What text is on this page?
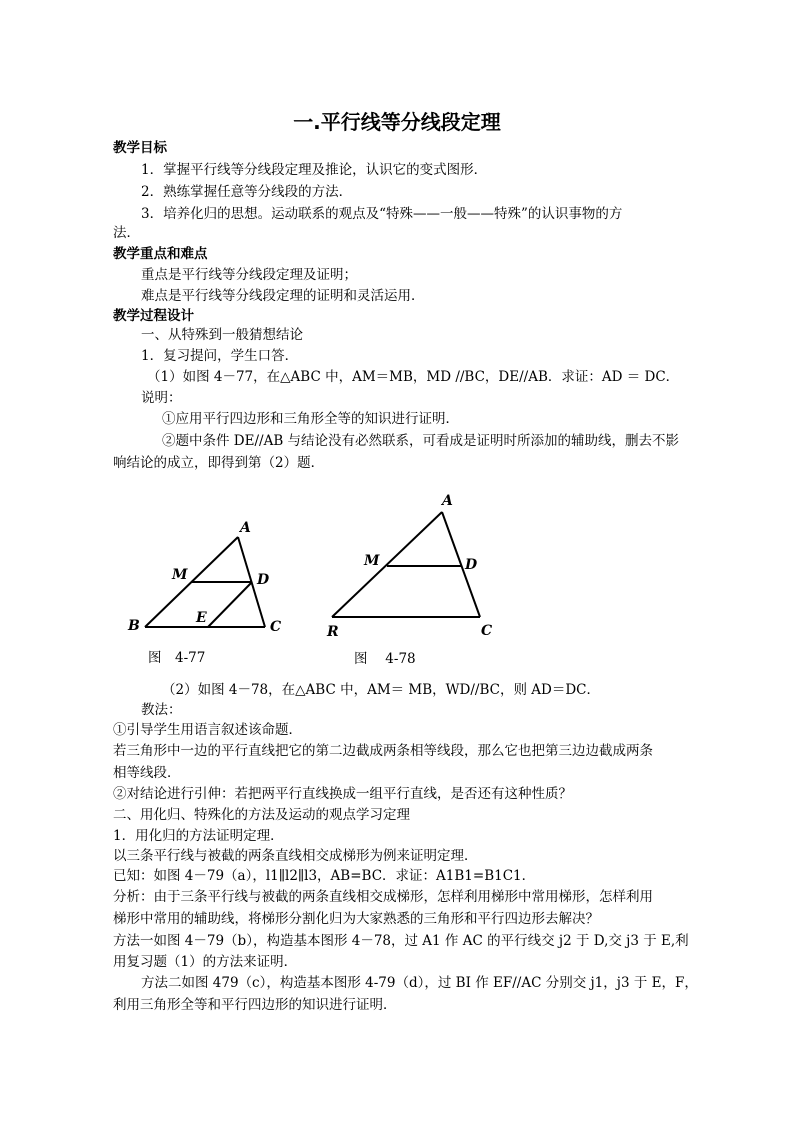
一.平行线等分线段定理
教学目标
1．掌握平行线等分线段定理及推论，认识它的变式图形．
2．熟练掌握任意等分线段的方法．
3．培养化归的思想。运动联系的观点及“特殊——一般——特殊”的认识事物的方
法．
教学重点和难点
重点是平行线等分线段定理及证明；
难点是平行线等分线段定理的证明和灵活运用．
教学过程设计
一、从特殊到一般猜想结论
1．复习提问，学生口答．
（1）如图 4－77，在△ABC 中，AM＝MB，MD //BC，DE//AB．求证：AD ＝ DC．
说明：
①应用平行四边形和三角形全等的知识进行证明．
②题中条件 DE//AB 与结论没有必然联系，可看成是证明时所添加的辅助线，删去不影
响结论的成立，即得到第（2）题．
A
M	D
B	E
C
图　4-77
A
M	D
R	C
图　 4-78
（2）如图 4－78，在△ABC 中，AM＝ MB，WD//BC，则 AD＝DC．
教法：
①引导学生用语言叙述该命题．
若三角形中一边的平行直线把它的第二边截成两条相等线段，那么它也把第三边边截成两条
相等线段．
②对结论进行引伸：若把两平行直线换成一组平行直线，是否还有这种性质？
二、用化归、特殊化的方法及运动的观点学习定理
1．用化归的方法证明定理．
以三条平行线与被截的两条直线相交成梯形为例来证明定理．
已知：如图 4－79（a），l1∥l2∥l3，AB=BC．求证：A1B1=B1C1．
分析：由于三条平行线与被截的两条直线相交成梯形，怎样利用梯形中常用梯形，怎样利用
梯形中常用的辅助线，将梯形分割化归为大家熟悉的三角形和平行四边形去解决？
方法一如图 4－79（b），构造基本图形 4－78，过 A1 作 AC 的平行线交 j2 于 D,交 j3 于 E,利
用复习题（1）的方法来证明．
方法二如图 479（c），构造基本图形 4-79（d），过 BI 作 EF//AC 分别交 j1，j3 于 E，F，
利用三角形全等和平行四边形的知识进行证明．
